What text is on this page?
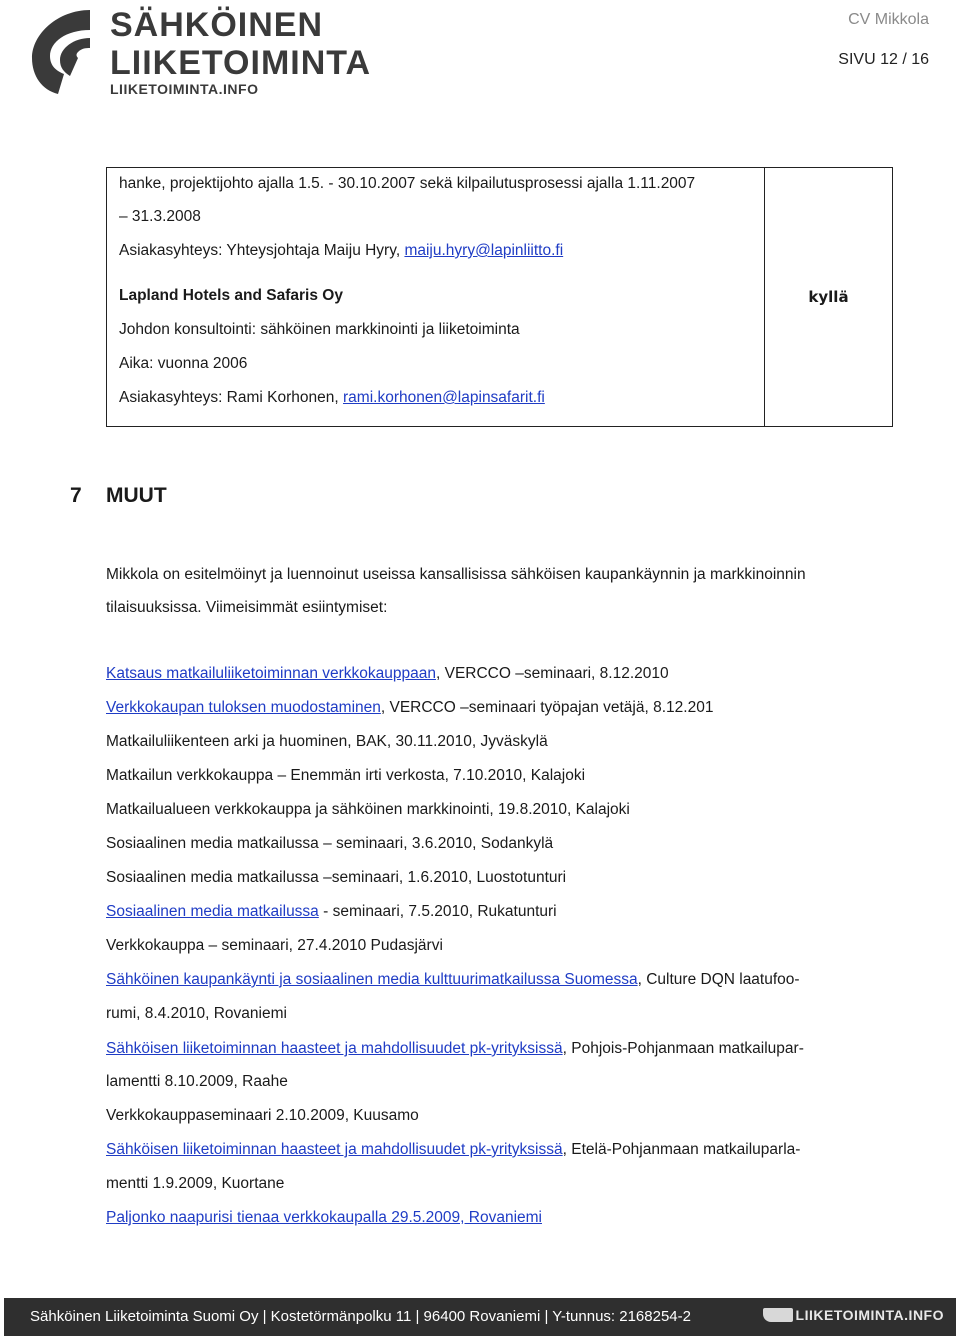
SÄHKÖINEN
LIIKETOIMINTA
LIIKETOIMINTA.INFO
CV Mikkola
SIVU 12 / 16
hanke, projektijohto ajalla 1.5. - 30.10.2007 sekä kilpailutusprosessi ajalla 1.11.2007
– 31.3.2008
Asiakasyhteys: Yhteysjohtaja Maiju Hyry, maiju.hyry@lapinliitto.fi
Lapland Hotels and Safaris Oy
Johdon konsultointi: sähköinen markkinointi ja liiketoiminta
Aika: vuonna 2006
Asiakasyhteys: Rami Korhonen, rami.korhonen@lapinsafarit.fi
kyllä
7 MUUT
Mikkola on esitelmöinyt ja luennoinut useissa kansallisissa sähköisen kaupankäynnin ja markkinoinnin
tilaisuuksissa. Viimeisimmät esiintymiset:
Katsaus matkailuliiketoiminnan verkkokauppaan, VERCCO –seminaari, 8.12.2010
Verkkokaupan tuloksen muodostaminen, VERCCO –seminaari työpajan vetäjä, 8.12.201
Matkailuliikenteen arki ja huominen, BAK, 30.11.2010, Jyväskylä
Matkailun verkkokauppa – Enemmän irti verkosta, 7.10.2010, Kalajoki
Matkailualueen verkkokauppa ja sähköinen markkinointi, 19.8.2010, Kalajoki
Sosiaalinen media matkailussa – seminaari, 3.6.2010, Sodankylä
Sosiaalinen media matkailussa –seminaari, 1.6.2010, Luostotunturi
Sosiaalinen media matkailussa - seminaari, 7.5.2010, Rukatunturi
Verkkokauppa – seminaari, 27.4.2010 Pudasjärvi
Sähköinen kaupankäynti ja sosiaalinen media kulttuurimatkailussa Suomessa, Culture DQN laatufoo-
rumi, 8.4.2010, Rovaniemi
Sähköisen liiketoiminnan haasteet ja mahdollisuudet pk-yrityksissä, Pohjois-Pohjanmaan matkailupar-
lamentti 8.10.2009, Raahe
Verkkokauppaseminaari 2.10.2009, Kuusamo
Sähköisen liiketoiminnan haasteet ja mahdollisuudet pk-yrityksissä, Etelä-Pohjanmaan matkailuparla-
mentti 1.9.2009, Kuortane
Paljonko naapurisi tienaa verkkokaupalla 29.5.2009, Rovaniemi
Sähköinen Liiketoiminta Suomi Oy | Kostetörmänpolku 11 | 96400 Rovaniemi | Y-tunnus: 2168254-2	LIIKETOIMINTA.INFO
